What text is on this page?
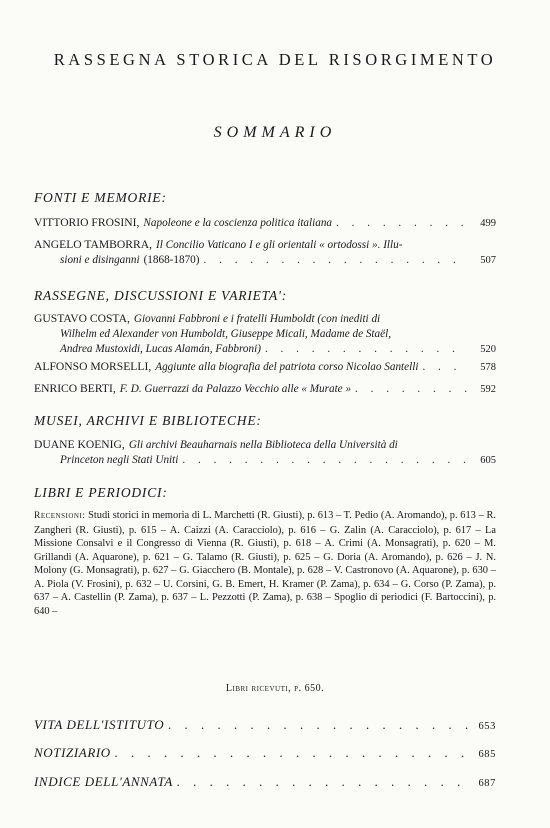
RASSEGNA STORICA DEL RISORGIMENTO
SOMMARIO
FONTI E MEMORIE:
VITTORIO FROSINI, Napoleone e la coscienza politica italiana . . .	499
ANGELO TAMBORRA, Il Concilio Vaticano I e gli orientali « ortodossi ». Illu-
sioni e disinganni (1868-1870) . . .	507
RASSEGNE, DISCUSSIONI E VARIETA':
GUSTAVO COSTA, Giovanni Fabbroni e i fratelli Humboldt (con inediti di
Wilhelm ed Alexander von Humboldt, Giuseppe Micali, Madame de Staël,
Andrea Mustoxidi, Lucas Alamán, Fabbroni) . . .	520
ALFONSO MORSELLI, Aggiunte alla biografia del patriota corso Nicolao Santelli . . .	578
ENRICO BERTI, F. D. Guerrazzi da Palazzo Vecchio alle « Murate » . . .	592
MUSEI, ARCHIVI E BIBLIOTECHE:
DUANE KOENIG, Gli archivi Beauharnais nella Biblioteca della Università di
Princeton negli Stati Uniti . . .	605
LIBRI E PERIODICI:
Recensioni: Studi storici in memoria di L. Marchetti (R. Giusti), p. 613 – T. Pedio (A. Aromando), p. 613 – R. Zangheri (R. Giusti), p. 615 – A. Caizzi (A. Caracciolo), p. 616 – G. Zalin (A. Caracciolo), p. 617 – La Missione Consalvi e il Congresso di Vienna (R. Giusti), p. 618 – A. Crimi (A. Monsagrati), p. 620 – M. Grillandi (A. Aquarone), p. 621 – G. Talamo (R. Giusti), p. 625 – G. Doria (A. Aromando), p. 626 – J. N. Molony (G. Monsagrati), p. 627 – G. Giacchero (B. Montale), p. 628 – V. Castronovo (A. Aquarone), p. 630 – A. Piola (V. Frosini), p. 632 – U. Corsini, G. B. Emert, H. Kramer (P. Zama), p. 634 – G. Corso (P. Zama), p. 637 – A. Castellin (P. Zama), p. 637 – L. Pezzotti (P. Zama), p. 638 – Spoglio di periodici (F. Bartoccini), p. 640 –
Libri ricevuti, p. 650.
VITA DELL'ISTITUTO . . .	653
NOTIZIARIO . . .	685
INDICE DELL'ANNATA . . .	687
